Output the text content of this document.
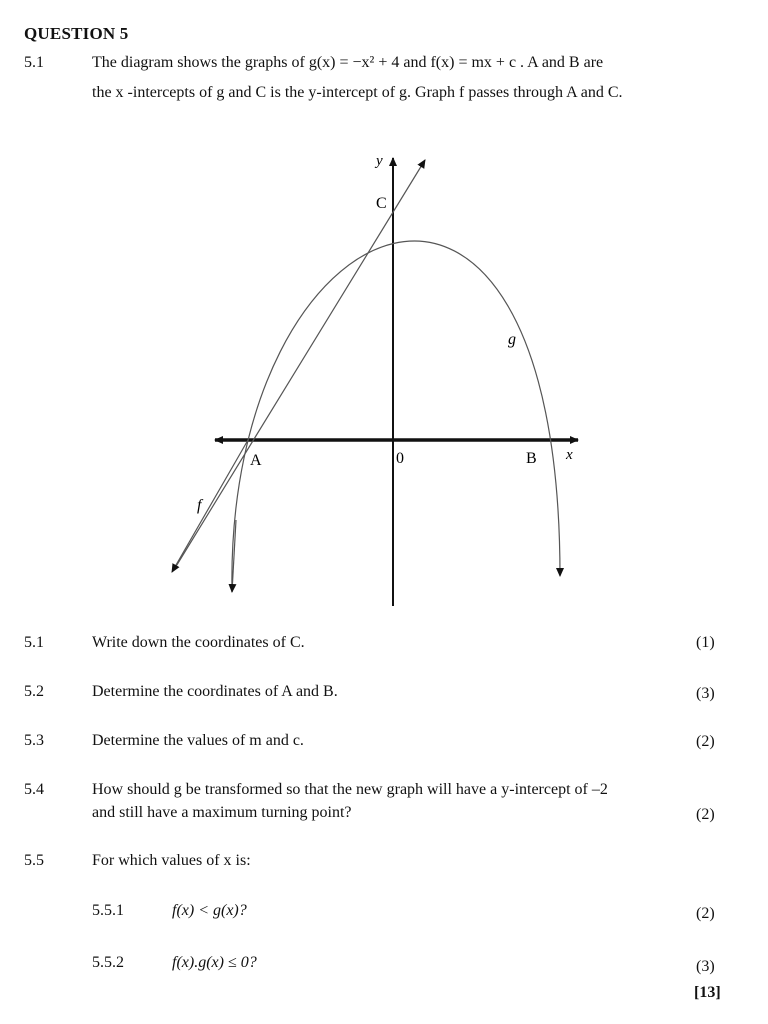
QUESTION 5
5.1	The diagram shows the graphs of g(x) = −x² + 4 and f(x) = mx + c . A and B are
the x -intercepts of g and C is the y-intercept of g. Graph f passes through A and C.
y
C
g
A	0	B x
f
5.1	Write down the coordinates of C.	(1)
5.2	Determine the coordinates of A and B.	(3)
5.3	Determine the values of m and c.	(2)
5.4	How should g be transformed so that the new graph will have a y-intercept of –2
and still have a maximum turning point?	(2)
5.5	For which values of x is:
5.5.1	f(x) < g(x)?	(2)
5.5.2	f(x).g(x) ≤ 0?	(3)
[13]
